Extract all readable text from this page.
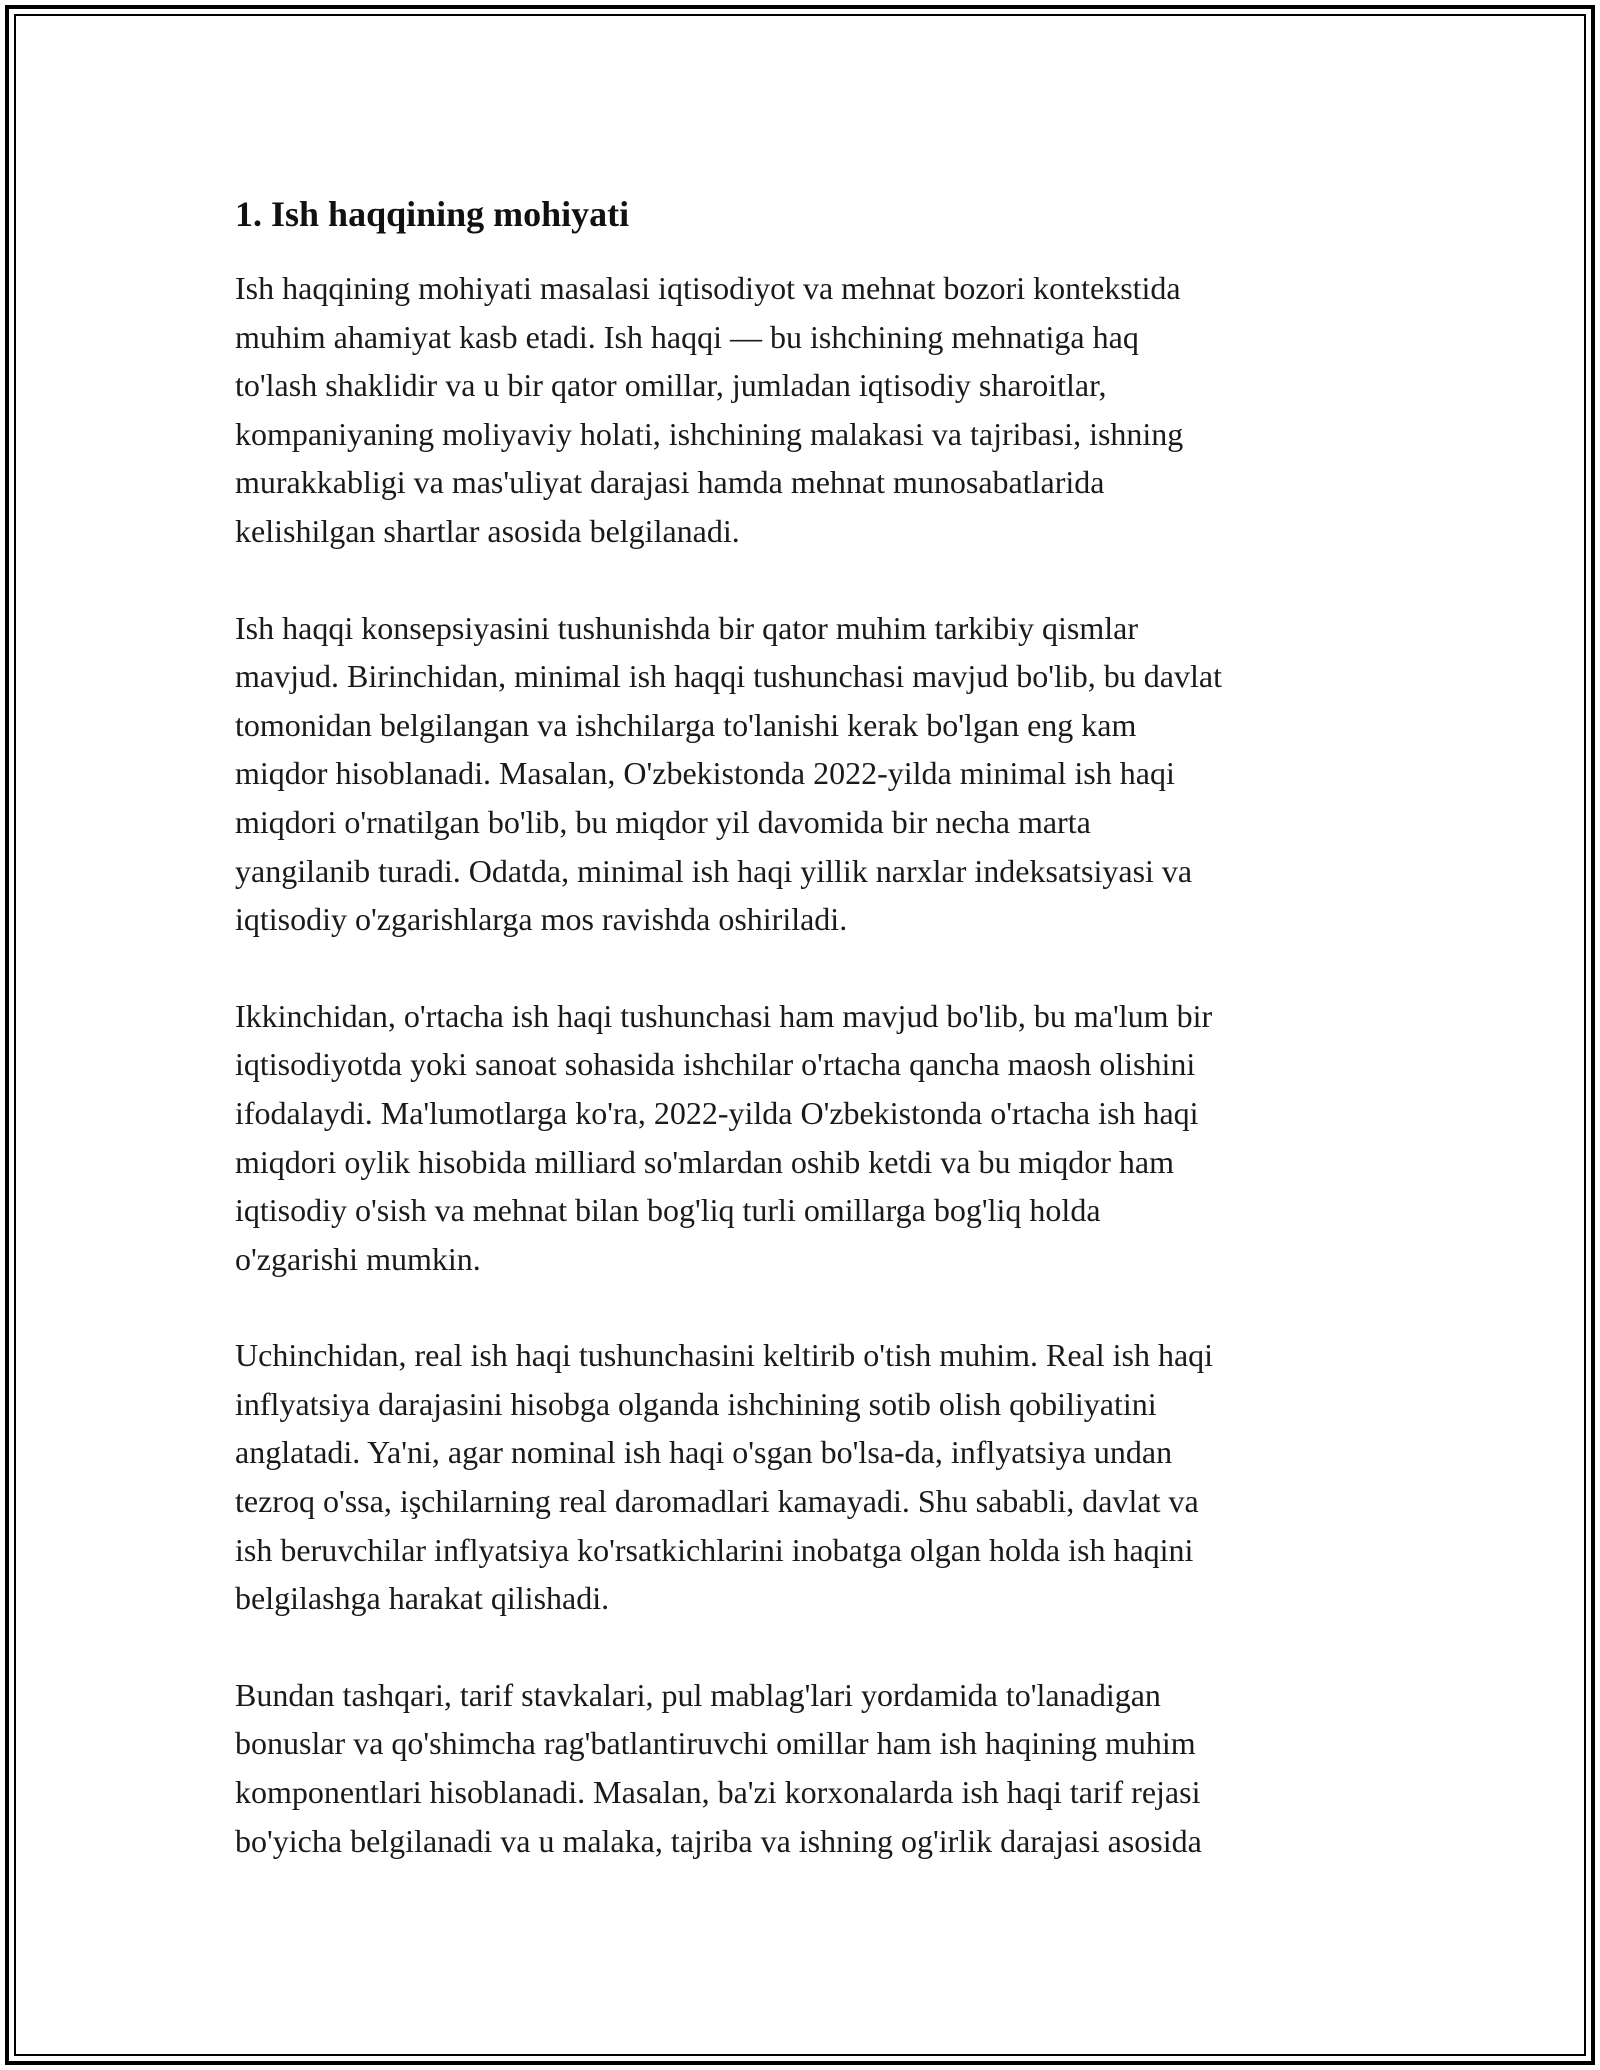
1. Ish haqqining mohiyati

Ish haqqining mohiyati masalasi iqtisodiyot va mehnat bozori kontekstida
muhim ahamiyat kasb etadi. Ish haqqi — bu ishchining mehnatiga haq
to'lash shaklidir va u bir qator omillar, jumladan iqtisodiy sharoitlar,
kompaniyaning moliyaviy holati, ishchining malakasi va tajribasi, ishning
murakkabligi va mas'uliyat darajasi hamda mehnat munosabatlarida
kelishilgan shartlar asosida belgilanadi.

Ish haqqi konsepsiyasini tushunishda bir qator muhim tarkibiy qismlar
mavjud. Birinchidan, minimal ish haqqi tushunchasi mavjud bo'lib, bu davlat
tomonidan belgilangan va ishchilarga to'lanishi kerak bo'lgan eng kam
miqdor hisoblanadi. Masalan, O'zbekistonda 2022-yilda minimal ish haqi
miqdori o'rnatilgan bo'lib, bu miqdor yil davomida bir necha marta
yangilanib turadi. Odatda, minimal ish haqi yillik narxlar indeksatsiyasi va
iqtisodiy o'zgarishlarga mos ravishda oshiriladi.

Ikkinchidan, o'rtacha ish haqi tushunchasi ham mavjud bo'lib, bu ma'lum bir
iqtisodiyotda yoki sanoat sohasida ishchilar o'rtacha qancha maosh olishini
ifodalaydi. Ma'lumotlarga ko'ra, 2022-yilda O'zbekistonda o'rtacha ish haqi
miqdori oylik hisobida milliard so'mlardan oshib ketdi va bu miqdor ham
iqtisodiy o'sish va mehnat bilan bog'liq turli omillarga bog'liq holda
o'zgarishi mumkin.

Uchinchidan, real ish haqi tushunchasini keltirib o'tish muhim. Real ish haqi
inflyatsiya darajasini hisobga olganda ishchining sotib olish qobiliyatini
anglatadi. Ya'ni, agar nominal ish haqi o'sgan bo'lsa-da, inflyatsiya undan
tezroq o'ssa, işchilarning real daromadlari kamayadi. Shu sababli, davlat va
ish beruvchilar inflyatsiya ko'rsatkichlarini inobatga olgan holda ish haqini
belgilashga harakat qilishadi.

Bundan tashqari, tarif stavkalari, pul mablag'lari yordamida to'lanadigan
bonuslar va qo'shimcha rag'batlantiruvchi omillar ham ish haqining muhim
komponentlari hisoblanadi. Masalan, ba'zi korxonalarda ish haqi tarif rejasi
bo'yicha belgilanadi va u malaka, tajriba va ishning og'irlik darajasi asosida
